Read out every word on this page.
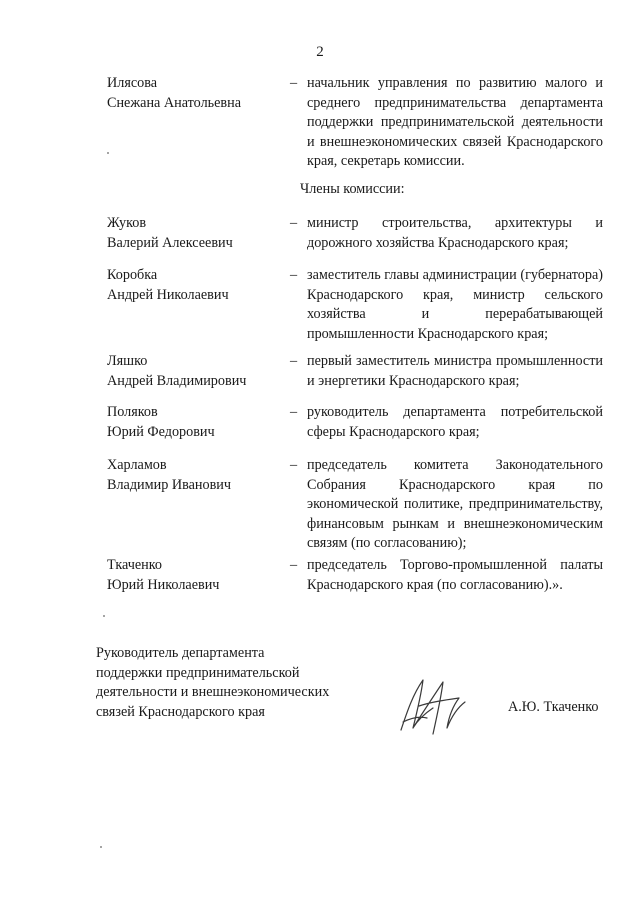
2
Илясова
Снежана Анатольевна
– начальник управления по развитию малого и среднего предпринимательства департамента поддержки предпринимательской деятельности и внешнеэкономических связей Краснодарского края, секретарь комиссии.
Члены комиссии:
Жуков
Валерий Алексеевич
– министр строительства, архитектуры и дорожного хозяйства Краснодарского края;
Коробка
Андрей Николаевич
– заместитель главы администрации (губернатора) Краснодарского края, министр сельского хозяйства и перерабатывающей промышленности Краснодарского края;
Ляшко
Андрей Владимирович
– первый заместитель министра промышленности и энергетики Краснодарского края;
Поляков
Юрий Федорович
– руководитель департамента потребительской сферы Краснодарского края;
Харламов
Владимир Иванович
– председатель комитета Законодательного Собрания Краснодарского края по экономической политике, предпринимательству, финансовым рынкам и внешнеэкономическим связям (по согласованию);
Ткаченко
Юрий Николаевич
– председатель Торгово-промышленной палаты Краснодарского края (по согласованию).».
Руководитель департамента
поддержки предпринимательской
деятельности и внешнеэкономических
связей Краснодарского края	А.Ю. Ткаченко
